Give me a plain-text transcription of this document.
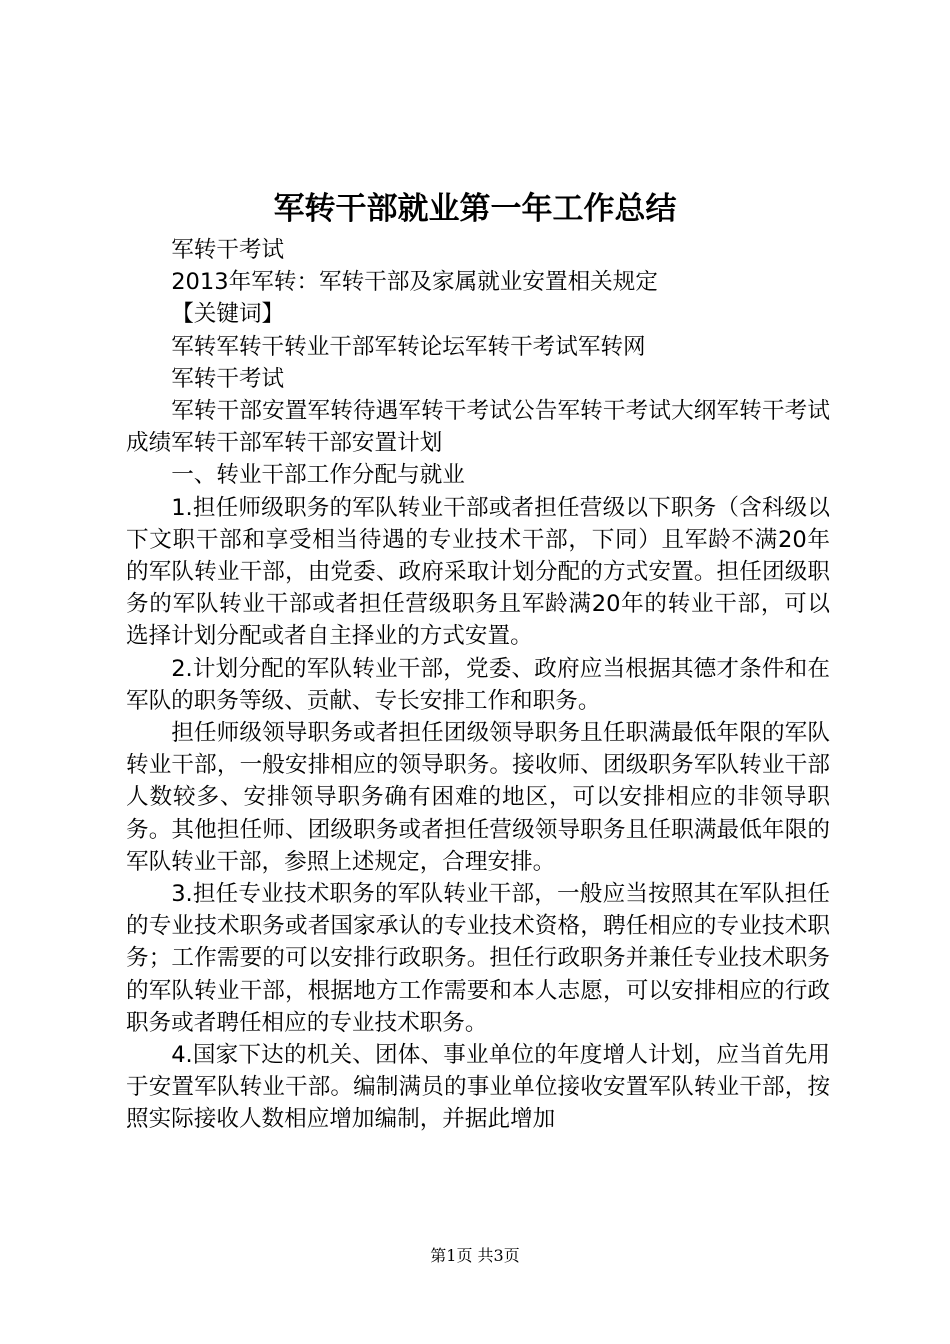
军转干部就业第一年工作总结

军转干考试

2013年军转：军转干部及家属就业安置相关规定

【关键词】

军转军转干转业干部军转论坛军转干考试军转网

军转干考试

军转干部安置军转待遇军转干考试公告军转干考试大纲军转干考试成绩军转干部军转干部安置计划

一、转业干部工作分配与就业

1.担任师级职务的军队转业干部或者担任营级以下职务（含科级以下文职干部和享受相当待遇的专业技术干部，下同）且军龄不满20年的军队转业干部，由党委、政府采取计划分配的方式安置。担任团级职务的军队转业干部或者担任营级职务且军龄满20年的转业干部，可以选择计划分配或者自主择业的方式安置。

2.计划分配的军队转业干部，党委、政府应当根据其德才条件和在军队的职务等级、贡献、专长安排工作和职务。

担任师级领导职务或者担任团级领导职务且任职满最低年限的军队转业干部，一般安排相应的领导职务。接收师、团级职务军队转业干部人数较多、安排领导职务确有困难的地区，可以安排相应的非领导职务。其他担任师、团级职务或者担任营级领导职务且任职满最低年限的军队转业干部，参照上述规定，合理安排。

3.担任专业技术职务的军队转业干部，一般应当按照其在军队担任的专业技术职务或者国家承认的专业技术资格，聘任相应的专业技术职务；工作需要的可以安排行政职务。担任行政职务并兼任专业技术职务的军队转业干部，根据地方工作需要和本人志愿，可以安排相应的行政职务或者聘任相应的专业技术职务。

4.国家下达的机关、团体、事业单位的年度增人计划，应当首先用于安置军队转业干部。编制满员的事业单位接收安置军队转业干部，按照实际接收人数相应增加编制，并据此增加

第1页 共3页
